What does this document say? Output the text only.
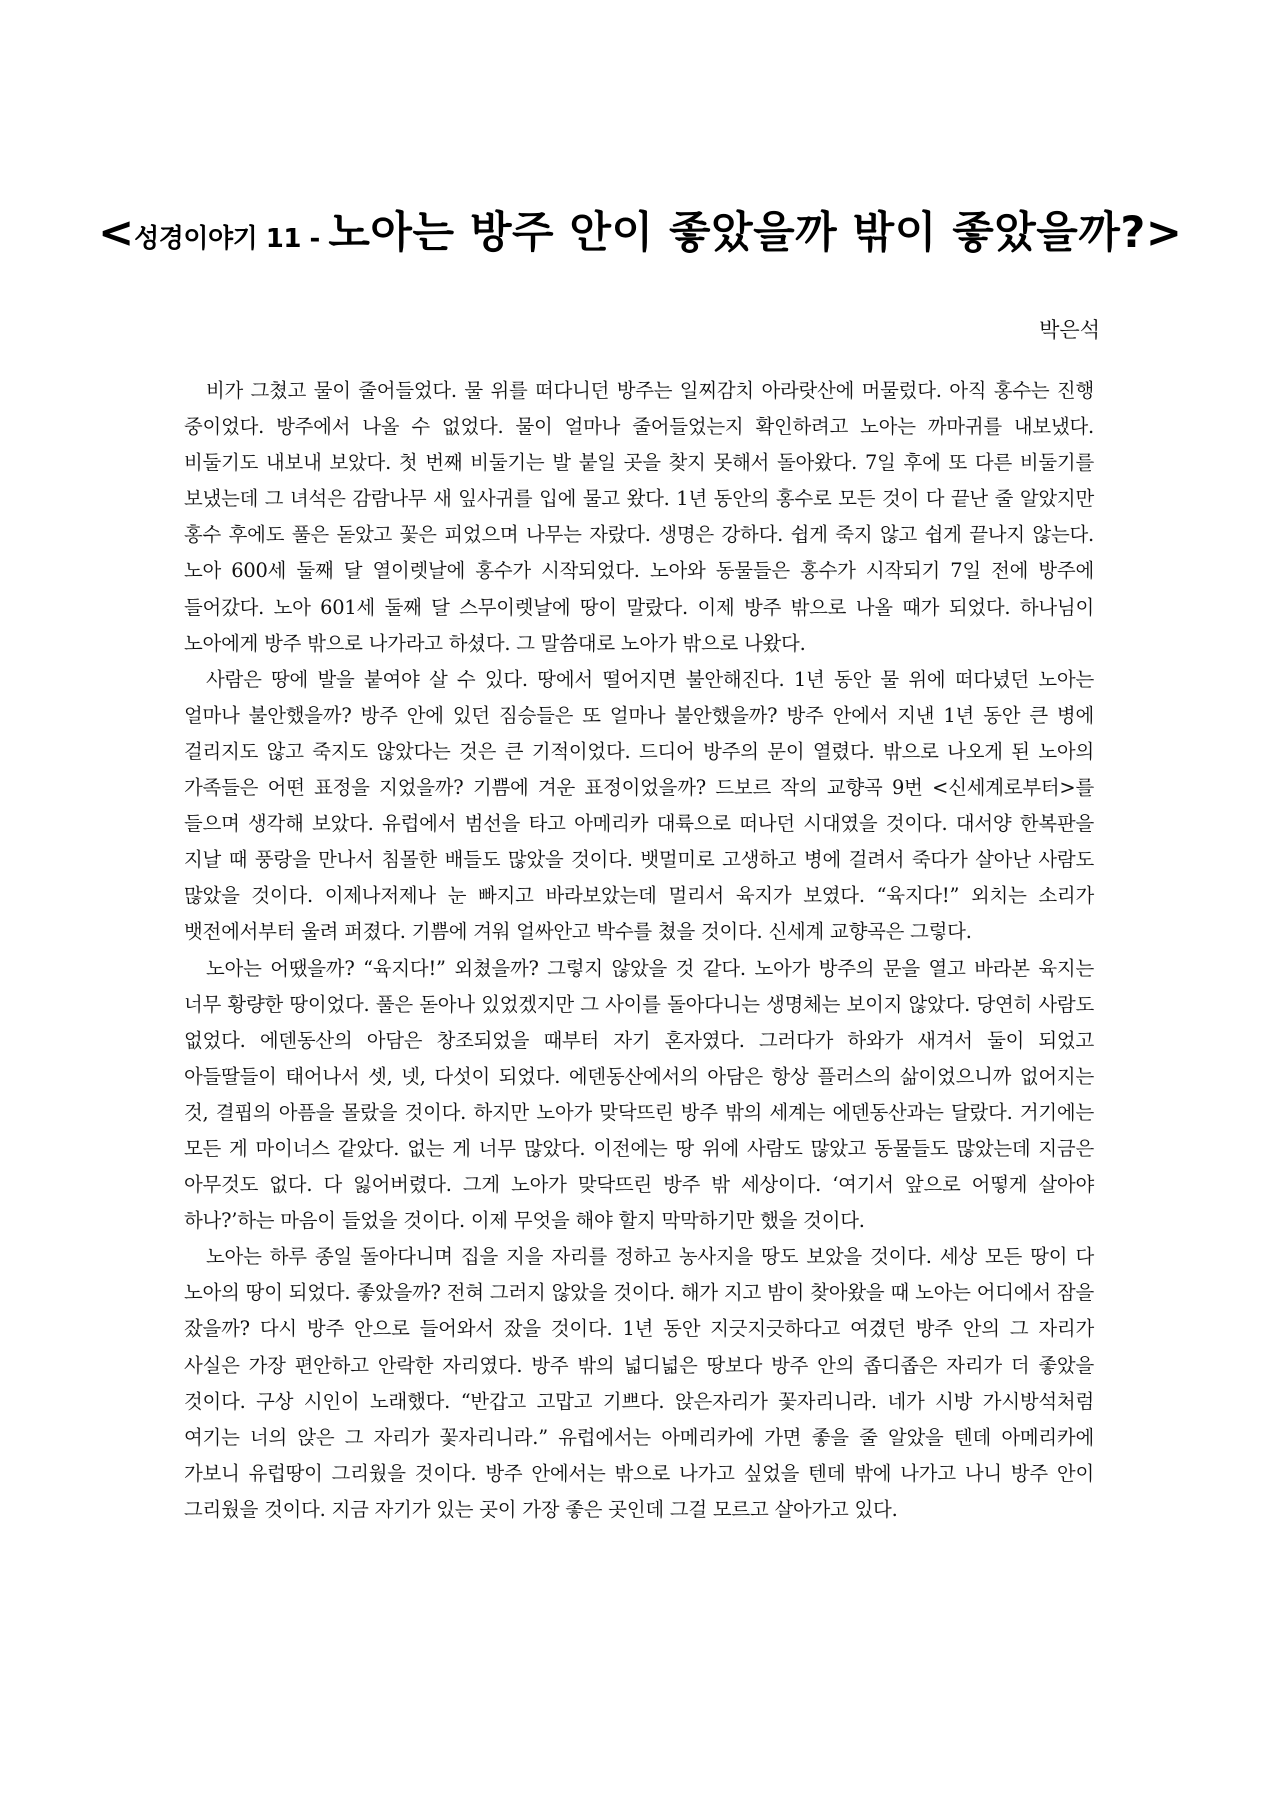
<성경이야기 11 - 노아는 방주 안이 좋았을까 밖이 좋았을까?>
박은석

비가 그쳤고 물이 줄어들었다. 물 위를 떠다니던 방주는 일찌감치 아라랏산에 머물렀다. 아직 홍수는 진행 중이었다. 방주에서 나올 수 없었다. 물이 얼마나 줄어들었는지 확인하려고 노아는 까마귀를 내보냈다. 비둘기도 내보내 보았다. 첫 번째 비둘기는 발 붙일 곳을 찾지 못해서 돌아왔다. 7일 후에 또 다른 비둘기를 보냈는데 그 녀석은 감람나무 새 잎사귀를 입에 물고 왔다. 1년 동안의 홍수로 모든 것이 다 끝난 줄 알았지만 홍수 후에도 풀은 돋았고 꽃은 피었으며 나무는 자랐다. 생명은 강하다. 쉽게 죽지 않고 쉽게 끝나지 않는다. 노아 600세 둘째 달 열이렛날에 홍수가 시작되었다. 노아와 동물들은 홍수가 시작되기 7일 전에 방주에 들어갔다. 노아 601세 둘째 달 스무이렛날에 땅이 말랐다. 이제 방주 밖으로 나올 때가 되었다. 하나님이 노아에게 방주 밖으로 나가라고 하셨다. 그 말씀대로 노아가 밖으로 나왔다.

사람은 땅에 발을 붙여야 살 수 있다. 땅에서 떨어지면 불안해진다. 1년 동안 물 위에 떠다녔던 노아는 얼마나 불안했을까? 방주 안에 있던 짐승들은 또 얼마나 불안했을까? 방주 안에서 지낸 1년 동안 큰 병에 걸리지도 않고 죽지도 않았다는 것은 큰 기적이었다. 드디어 방주의 문이 열렸다. 밖으로 나오게 된 노아의 가족들은 어떤 표정을 지었을까? 기쁨에 겨운 표정이었을까? 드보르 작의 교향곡 9번 <신세계로부터>를 들으며 생각해 보았다. 유럽에서 범선을 타고 아메리카 대륙으로 떠나던 시대였을 것이다. 대서양 한복판을 지날 때 풍랑을 만나서 침몰한 배들도 많았을 것이다. 뱃멀미로 고생하고 병에 걸려서 죽다가 살아난 사람도 많았을 것이다. 이제나저제나 눈 빠지고 바라보았는데 멀리서 육지가 보였다. “육지다!” 외치는 소리가 뱃전에서부터 울려 퍼졌다. 기쁨에 겨워 얼싸안고 박수를 쳤을 것이다. 신세계 교향곡은 그렇다.

노아는 어땠을까? “육지다!” 외쳤을까? 그렇지 않았을 것 같다. 노아가 방주의 문을 열고 바라본 육지는 너무 황량한 땅이었다. 풀은 돋아나 있었겠지만 그 사이를 돌아다니는 생명체는 보이지 않았다. 당연히 사람도 없었다. 에덴동산의 아담은 창조되었을 때부터 자기 혼자였다. 그러다가 하와가 새겨서 둘이 되었고 아들딸들이 태어나서 셋, 넷, 다섯이 되었다. 에덴동산에서의 아담은 항상 플러스의 삶이었으니까 없어지는 것, 결핍의 아픔을 몰랐을 것이다. 하지만 노아가 맞닥뜨린 방주 밖의 세계는 에덴동산과는 달랐다. 거기에는 모든 게 마이너스 같았다. 없는 게 너무 많았다. 이전에는 땅 위에 사람도 많았고 동물들도 많았는데 지금은 아무것도 없다. 다 잃어버렸다. 그게 노아가 맞닥뜨린 방주 밖 세상이다. ‘여기서 앞으로 어떻게 살아야 하나?’하는 마음이 들었을 것이다. 이제 무엇을 해야 할지 막막하기만 했을 것이다.

노아는 하루 종일 돌아다니며 집을 지을 자리를 정하고 농사지을 땅도 보았을 것이다. 세상 모든 땅이 다 노아의 땅이 되었다. 좋았을까? 전혀 그러지 않았을 것이다. 해가 지고 밤이 찾아왔을 때 노아는 어디에서 잠을 잤을까? 다시 방주 안으로 들어와서 잤을 것이다. 1년 동안 지긋지긋하다고 여겼던 방주 안의 그 자리가 사실은 가장 편안하고 안락한 자리였다. 방주 밖의 넓디넓은 땅보다 방주 안의 좁디좁은 자리가 더 좋았을 것이다. 구상 시인이 노래했다. “반갑고 고맙고 기쁘다. 앉은자리가 꽃자리니라. 네가 시방 가시방석처럼 여기는 너의 앉은 그 자리가 꽃자리니라.” 유럽에서는 아메리카에 가면 좋을 줄 알았을 텐데 아메리카에 가보니 유럽땅이 그리웠을 것이다. 방주 안에서는 밖으로 나가고 싶었을 텐데 밖에 나가고 나니 방주 안이 그리웠을 것이다. 지금 자기가 있는 곳이 가장 좋은 곳인데 그걸 모르고 살아가고 있다.
